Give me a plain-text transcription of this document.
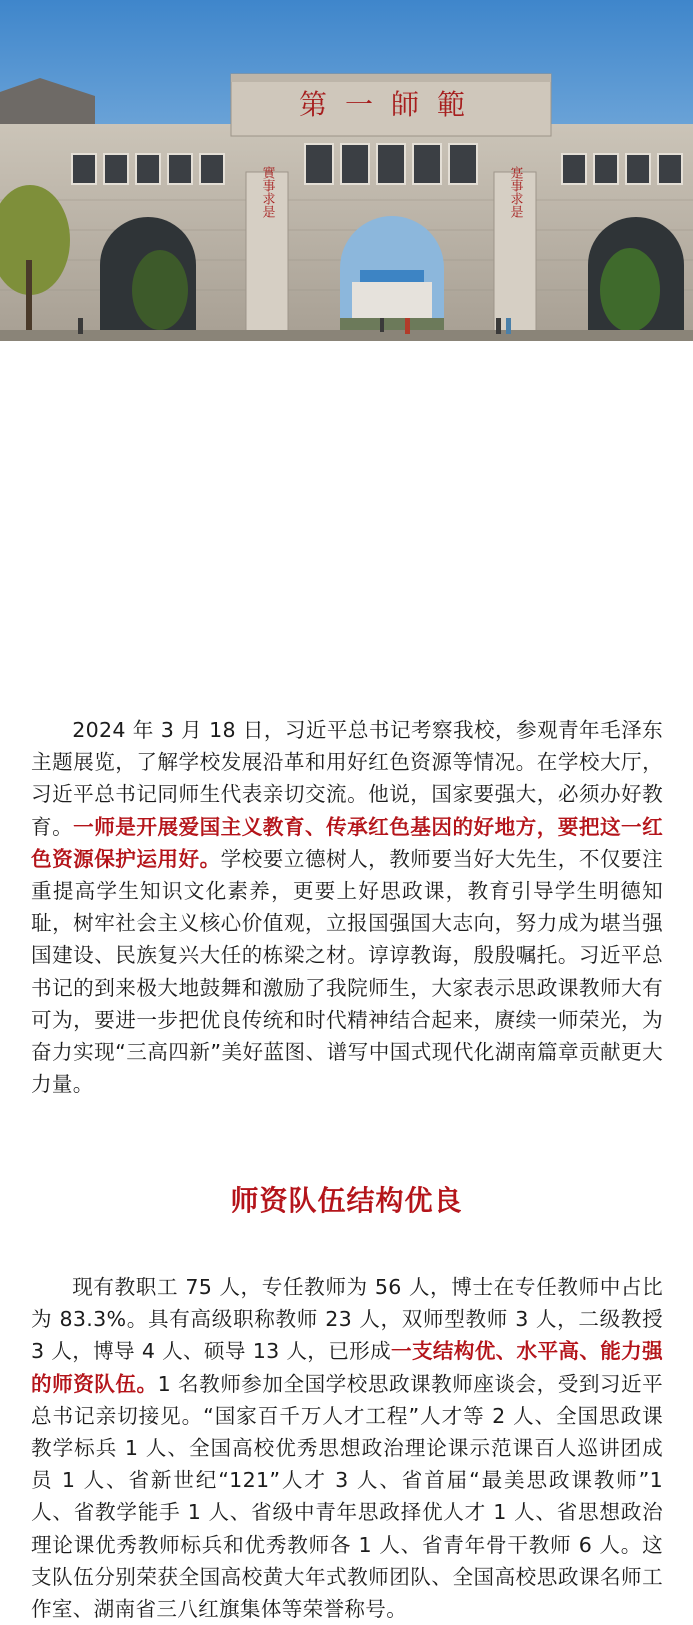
第一師範
實事求是	寔事求是

2024 年 3 月 18 日，习近平总书记考察我校，参观青年毛泽东主题展览，了解学校发展沿革和用好红色资源等情况。在学校大厅，习近平总书记同师生代表亲切交流。他说，国家要强大，必须办好教育。一师是开展爱国主义教育、传承红色基因的好地方，要把这一红色资源保护运用好。学校要立德树人，教师要当好大先生，不仅要注重提高学生知识文化素养，更要上好思政课，教育引导学生明德知耻，树牢社会主义核心价值观，立报国强国大志向，努力成为堪当强国建设、民族复兴大任的栋梁之材。谆谆教诲，殷殷嘱托。习近平总书记的到来极大地鼓舞和激励了我院师生，大家表示思政课教师大有可为，要进一步把优良传统和时代精神结合起来，赓续一师荣光，为奋力实现“三高四新”美好蓝图、谱写中国式现代化湖南篇章贡献更大力量。

师资队伍结构优良

现有教职工 75 人，专任教师为 56 人，博士在专任教师中占比为 83.3%。具有高级职称教师 23 人，双师型教师 3 人，二级教授 3 人，博导 4 人、硕导 13 人，已形成一支结构优、水平高、能力强的师资队伍。1 名教师参加全国学校思政课教师座谈会，受到习近平总书记亲切接见。“国家百千万人才工程”人才等 2 人、全国思政课教学标兵 1 人、全国高校优秀思想政治理论课示范课百人巡讲团成员 1 人、省新世纪“121”人才 3 人、省首届“最美思政课教师”1 人、省教学能手 1 人、省级中青年思政择优人才 1 人、省思想政治理论课优秀教师标兵和优秀教师各 1 人、省青年骨干教师 6 人。这支队伍分别荣获全国高校黄大年式教师团队、全国高校思政课名师工作室、湖南省三八红旗集体等荣誉称号。
